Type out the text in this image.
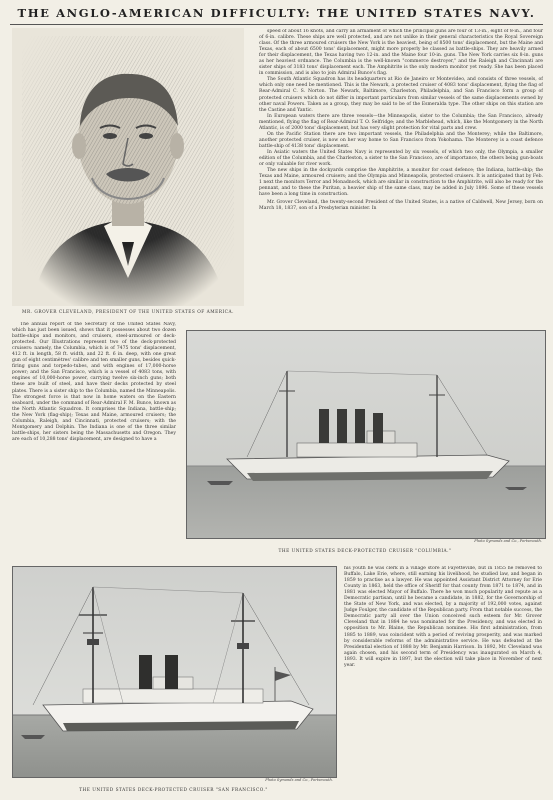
THE ANGLO-AMERICAN DIFFICULTY: THE UNITED STATES NAVY.
MR. GROVER CLEVELAND, PRESIDENT OF THE UNITED STATES OF AMERICA.

speed of about 16 knots, and carry an armament of which the principal guns are four of 13-in., eight of 8-in., and four of 6-in. calibre. These ships are well protected, and are not unlike in their general characteristics the Royal Sovereign class. Of the three armoured cruisers the New York is the heaviest, being of 8500 tons' displacement, but the Maine and Texas, each of about 6500 tons' displacement, might more properly be classed as battle-ships. They are heavily armed for their displacement, the Texas having two 12-in. and the Maine four 10-in. guns. The New York carries six 8-in. guns as her heaviest ordnance. The Columbia is the well-known "commerce destroyer," and the Raleigh and Cincinnati are sister ships of 3183 tons' displacement each. The Amphitrite is the only modern monitor yet ready. She has been placed in commission, and is also to join Admiral Bunce's flag.

The South Atlantic Squadron has its headquarters at Rio de Janeiro or Montevideo, and consists of three vessels, of which only one need be mentioned. This is the Newark, a protected cruiser of 4083 tons' displacement, flying the flag of Rear-Admiral C. S. Norton. The Newark, Baltimore, Charleston, Philadelphia, and San Francisco form a group of protected cruisers which do not differ in important particulars from similar vessels of the same displacements owned by other naval Powers. Taken as a group, they may be said to be of the Esmeralda type. The other ships on this station are the Castine and Yantic.

In European waters there are three vessels—the Minneapolis, sister to the Columbia; the San Francisco, already mentioned, flying the flag of Rear-Admiral T. O. Selfridge; and the Marblehead, which, like the Montgomery in the North Atlantic, is of 2000 tons' displacement, but has very slight protection for vital parts and crew.

On the Pacific Station there are two important vessels, the Philadelphia and the Monterey; while the Baltimore, another protected cruiser, is now on her way home to San Francisco from Yokohama. The Monterey is a coast defence battle-ship of 4138 tons' displacement.

In Asiatic waters the United States Navy is represented by six vessels, of which two only, the Olympia, a smaller edition of the Columbia, and the Charleston, a sister to the San Francisco, are of importance, the others being gun-boats or only valuable for river work.

The new ships in the dockyards comprise the Amphitrite, a monitor for coast defence; the Indiana, battle-ship; the Texas and Maine, armoured cruisers; and the Olympia and Minneapolis, protected cruisers. It is anticipated that by Feb. 1 next the monitors Terror and Monadnock, which are similar in construction to the Amphitrite, will also be ready for the pennant, and to these the Puritan, a heavier ship of the same class, may be added in July 1896. Some of these vessels have been a long time in construction.

Mr. Grover Cleveland, the twenty-second President of the United States, is a native of Caldwell, New Jersey, born on March 18, 1837, son of a Presbyterian minister. In

The annual report of the Secretary of the United States Navy, which has just been issued, shows that it possesses about two dozen battle-ships and monitors, and cruisers, steel-armoured or deck-protected. Our Illustrations represent two of the deck-protected cruisers: namely, the Columbia, which is of 7475 tons' displacement, 412 ft. in length, 58 ft. width, and 22 ft. 6 in. deep, with one great gun of eight centimètres' calibre and ten smaller guns, besides quick-firing guns and torpedo-tubes, and with engines of 17,000-horse power; and the San Francisco, which is a vessel of 4083 tons, with engines of 10,000-horse power, carrying twelve six-inch guns; both these are built of steel, and have their decks protected by steel plates. There is a sister ship to the Columbia, named the Minneapolis. The strongest force is that now in home waters on the Eastern seaboard, under the command of Rear-Admiral F. M. Bunce, known as the North Atlantic Squadron. It comprises the Indiana, battle-ship; the New York (flag-ship); Texas and Maine, armoured cruisers; the Columbia, Raleigh, and Cincinnati, protected cruisers; with the Montgomery and Dolphin. The Indiana is one of the three similar battle-ships, her sisters being the Massachusetts and Oregon. They are each of 10,288 tons' displacement, are designed to have a

Photo Symonds and Co., Portsmouth.
THE UNITED STATES DECK-PROTECTED CRUISER "COLUMBIA."
Photo Symonds and Co., Portsmouth.
THE UNITED STATES DECK-PROTECTED CRUISER "SAN FRANCISCO."

his youth he was clerk in a village store at Fayetteville, but in 1855 he removed to Buffalo, Lake Erie, where, still earning his livelihood, he studied law, and began in 1859 to practise as a lawyer. He was appointed Assistant District Attorney for Erie County in 1863, held the office of Sheriff for that county from 1871 to 1874, and in 1881 was elected Mayor of Buffalo. There he won much popularity and repute as a Democratic partisan, until he became a candidate, in 1882, for the Governorship of the State of New York, and was elected, by a majority of 192,000 votes, against Judge Foulger, the candidate of the Republican party. From that notable success, the Democratic party all over the Union conceived such esteem for Mr. Grover Cleveland that in 1884 he was nominated for the Presidency, and was elected in opposition to Mr. Blaine, the Republican nominee. His first administration, from 1885 to 1889, was coincident with a period of reviving prosperity, and was marked by considerable reforms of the administrative service. He was defeated at the Presidential election of 1888 by Mr. Benjamin Harrison. In 1892, Mr. Cleveland was again chosen, and his second term of Presidency was inaugurated on March 4, 1893. It will expire in 1897, but the election will take place in November of next year.
